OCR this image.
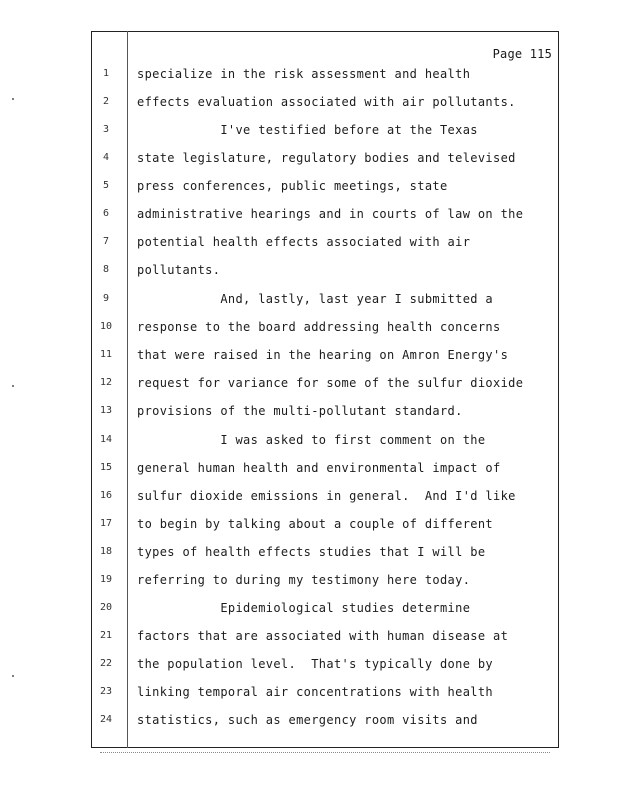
Page 115
1	specialize in the risk assessment and health
2	effects evaluation associated with air pollutants.
3	I've testified before at the Texas
4	state legislature, regulatory bodies and televised
5	press conferences, public meetings, state
6	administrative hearings and in courts of law on the
7	potential health effects associated with air
8	pollutants.
9	And, lastly, last year I submitted a
10	response to the board addressing health concerns
11	that were raised in the hearing on Amron Energy's
12	request for variance for some of the sulfur dioxide
13	provisions of the multi-pollutant standard.
14	I was asked to first comment on the
15	general human health and environmental impact of
16	sulfur dioxide emissions in general.  And I'd like
17	to begin by talking about a couple of different
18	types of health effects studies that I will be
19	referring to during my testimony here today.
20	Epidemiological studies determine
21	factors that are associated with human disease at
22	the population level.  That's typically done by
23	linking temporal air concentrations with health
24	statistics, such as emergency room visits and
